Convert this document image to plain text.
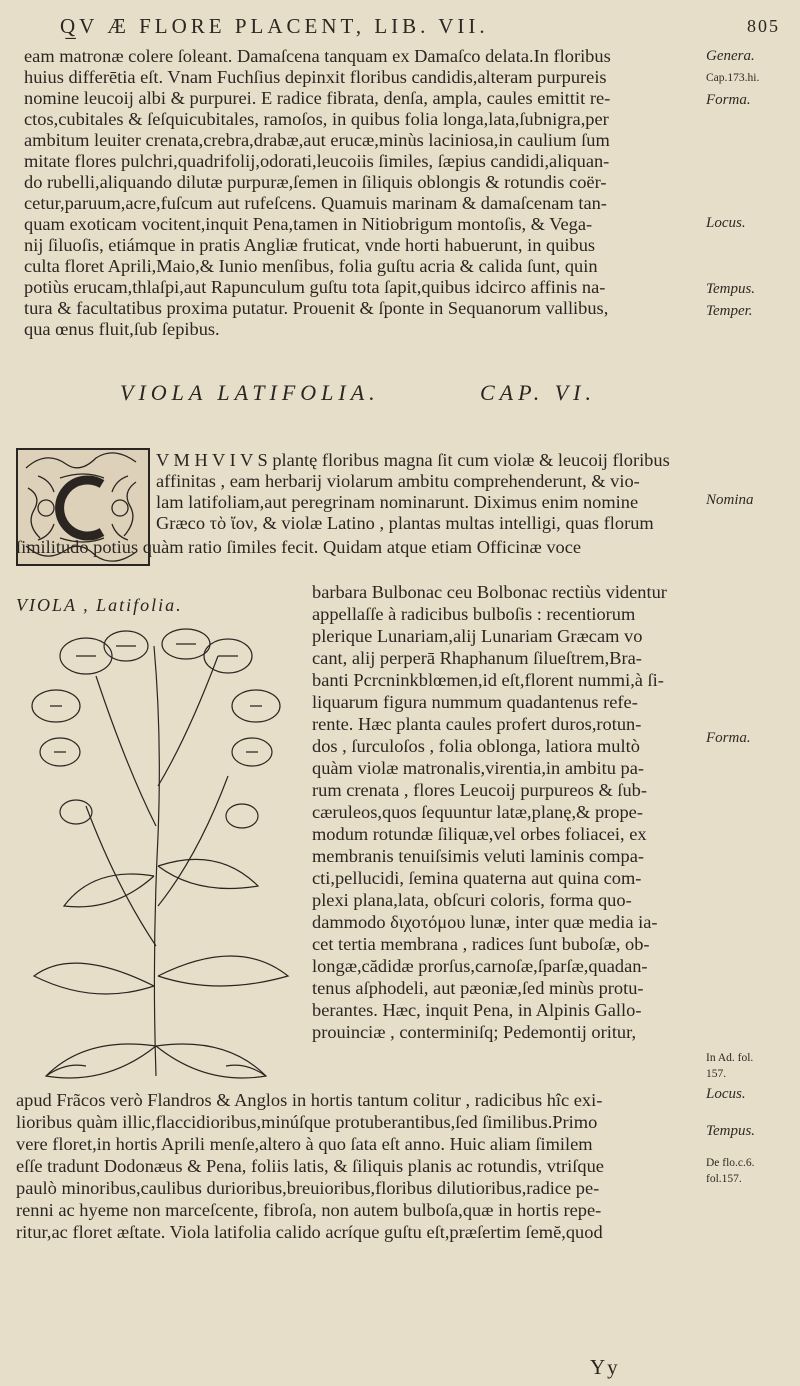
Q̲V Æ FLORE PLACENT, LIB. VII.	805
eam matronæ colere ſoleant. Damaſcena tanquam ex Damaſco delata.In floribus
huius differētia eſt. Vnam Fuchſius depinxit floribus candidis,alteram purpureis
nomine leucoij albi & purpurei. E radice fibrata, denſa, ampla, caules emittit re-
ctos,cubitales & ſeſquicubitales, ramoſos, in quibus folia longa,lata,ſubnigra,per
ambitum leuiter crenata,crebra,drabæ,aut erucæ,minùs laciniosa,in caulium ſum
mitate flores pulchri,quadrifolij,odorati,leucoiis ſimiles, ſæpius candidi,aliquan-
do rubelli,aliquando dilutæ purpuræ,ſemen in ſiliquis oblongis & rotundis coër-
cetur,paruum,acre,fuſcum aut rufeſcens. Quamuis marinam & damaſcenam tan-
quam exoticam vocitent,inquit Pena,tamen in Nitiobrigum montoſis, & Vega-
nij ſiluoſis, etiámque in pratis Angliæ fruticat, vnde horti habuerunt, in quibus
culta floret Aprili,Maio,& Iunio menſibus, folia guſtu acria & calida ſunt, quin
potiùs erucam,thlaſpi,aut Rapunculum guſtu tota ſapit,quibus idcirco affinis na-
tura & facultatibus proxima putatur. Prouenit & ſponte in Sequanorum vallibus,
qua œnus fluit,ſub ſepibus.
Genera.
Cap.173.hi.
Forma.
Locus.
Tempus.
Temper.
Nomina
Forma.
In Ad. fol.
157.
Locus.
Tempus.
De flo.c.6.
fol.157.
VIOLA LATIFOLIA.	CAP. VI.
V M H V I V S plantę floribus magna ſit cum violæ & leucoij floribus
affinitas , eam herbarij violarum ambitu comprehenderunt, & vio-
lam latifoliam,aut peregrinam nominarunt. Diximus enim nomine
Græco τὸ ἴον, & violæ Latino , plantas multas intelligi, quas florum
ſimilitudo potius quàm ratio ſimiles fecit. Quidam atque etiam Officinæ voce
VIOLA , Latifolia.
barbara Bulbonac ceu Bolbonac rectiùs videntur
appellaſſe à radicibus bulboſis : recentiorum
plerique Lunariam,alij Lunariam Græcam vo
cant, alij perperā Rhaphanum ſilueſtrem,Bra-
banti Pcrcninkblœmen,id eſt,florent nummi,à ſi-
liquarum figura nummum quadantenus refe-
rente. Hæc planta caules profert duros,rotun-
dos , ſurculoſos , folia oblonga, latiora multò
quàm violæ matronalis,virentia,in ambitu pa-
rum crenata , flores Leucoij purpureos & ſub-
cæruleos,quos ſequuntur latæ,planę,& prope-
modum rotundæ ſiliquæ,vel orbes foliacei, ex
membranis tenuiſsimis veluti laminis compa-
cti,pellucidi, ſemina quaterna aut quina com-
plexi plana,lata, obſcuri coloris, forma quo-
dammodo διχοτόμου lunæ, inter quæ media ia-
cet tertia membrana , radices ſunt buboſæ, ob-
longæ,cădidæ prorſus,carnoſæ,ſparſæ,quadan-
tenus aſphodeli, aut pæoniæ,ſed minùs protu-
berantes. Hæc, inquit Pena, in Alpinis Gallo-
prouinciæ , conterminiſq; Pedemontij oritur,
apud Frãcos verò Flandros & Anglos in hortis tantum colitur , radicibus hîc exi-
lioribus quàm illic,flaccidioribus,minúſque protuberantibus,ſed ſimilibus.Primo
vere floret,in hortis Aprili menſe,altero à quo ſata eſt anno. Huic aliam ſimilem
eſſe tradunt Dodonæus & Pena, foliis latis, & ſiliquis planis ac rotundis, vtriſque
paulò minoribus,caulibus durioribus,breuioribus,floribus dilutioribus,radice pe-
renni ac hyeme non marceſcente, fibroſa, non autem bulboſa,quæ in hortis repe-
ritur,ac floret æſtate. Viola latifolia calido acríque guſtu eſt,præſertim ſemĕ,quod
Yy
